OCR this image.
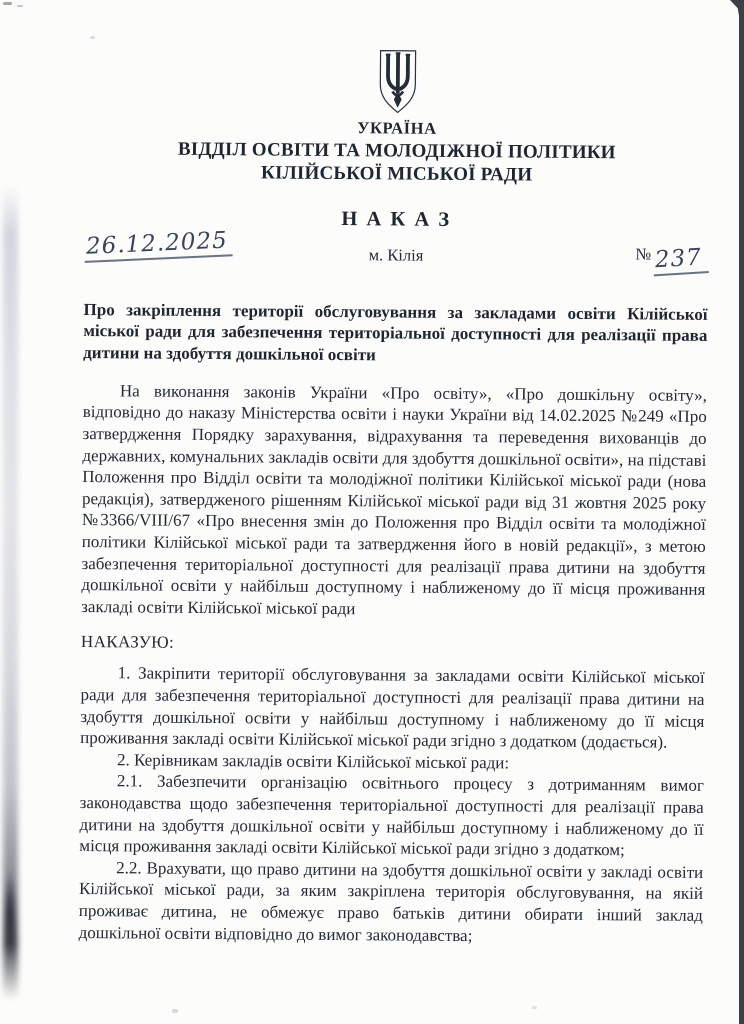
УКРАЇНА
ВІДДІЛ ОСВІТИ ТА МОЛОДІЖНОЇ ПОЛІТИКИ
КІЛІЙСЬКОЇ МІСЬКОЇ РАДИ
Н А К А З
26.12.2025	м. Кілія	№ 237

Про закріплення території обслуговування за закладами освіти Кілійської міської ради для забезпечення територіальної доступності для реалізації права дитини на здобуття дошкільної освіти

На виконання законів України «Про освіту», «Про дошкільну освіту», відповідно до наказу Міністерства освіти і науки України від 14.02.2025 №249 «Про затвердження Порядку зарахування, відрахування та переведення вихованців до державних, комунальних закладів освіти для здобуття дошкільної освіти», на підставі Положення про Відділ освіти та молодіжної політики Кілійської міської ради (нова редакція), затвердженого рішенням Кілійської міської ради від 31 жовтня 2025 року №3366/VIII/67 «Про внесення змін до Положення про Відділ освіти та молодіжної політики Кілійської міської ради та затвердження його в новій редакції», з метою забезпечення територіальної доступності для реалізації права дитини на здобуття дошкільної освіти у найбільш доступному і наближеному до її місця проживання закладі освіти Кілійської міської ради

НАКАЗУЮ:

1. Закріпити території обслуговування за закладами освіти Кілійської міської ради для забезпечення територіальної доступності для реалізації права дитини на здобуття дошкільної освіти у найбільш доступному і наближеному до її місця проживання закладі освіти Кілійської міської ради згідно з додатком (додається).

2. Керівникам закладів освіти Кілійської міської ради:

2.1. Забезпечити організацію освітнього процесу з дотриманням вимог законодавства щодо забезпечення територіальної доступності для реалізації права дитини на здобуття дошкільної освіти у найбільш доступному і наближеному до її місця проживання закладі освіти Кілійської міської ради згідно з додатком;

2.2. Врахувати, що право дитини на здобуття дошкільної освіти у закладі освіти Кілійської міської ради, за яким закріплена територія обслуговування, на якій проживає дитина, не обмежує право батьків дитини обирати інший заклад дошкільної освіти відповідно до вимог законодавства;
